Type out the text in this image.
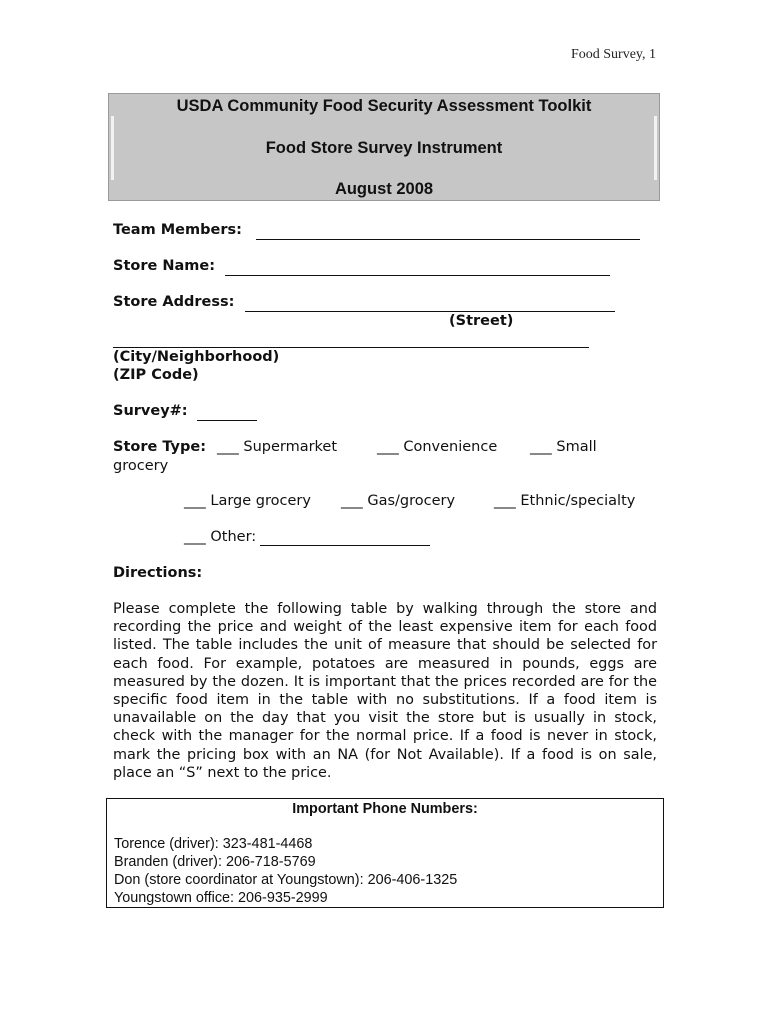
Food Survey, 1
USDA Community Food Security Assessment Toolkit
Food Store Survey Instrument
August 2008
Team Members:
Store Name:
Store Address:
(Street)
(City/Neighborhood)
(ZIP Code)
Survey#:
Store Type: ___ Supermarket	___ Convenience ___ Small
grocery
___ Large grocery ___ Gas/grocery	___ Ethnic/specialty
___ Other:
Directions:
Please complete the following table by walking through the store and recording the price and weight of the least expensive item for each food listed. The table includes the unit of measure that should be selected for each food. For example, potatoes are measured in pounds, eggs are measured by the dozen. It is important that the prices recorded are for the specific food item in the table with no substitutions. If a food item is unavailable on the day that you visit the store but is usually in stock, check with the manager for the normal price. If a food is never in stock, mark the pricing box with an NA (for Not Available). If a food is on sale, place an “S” next to the price.
Important Phone Numbers:
Torence (driver): 323-481-4468
Branden (driver): 206-718-5769
Don (store coordinator at Youngstown): 206-406-1325
Youngstown office: 206-935-2999
